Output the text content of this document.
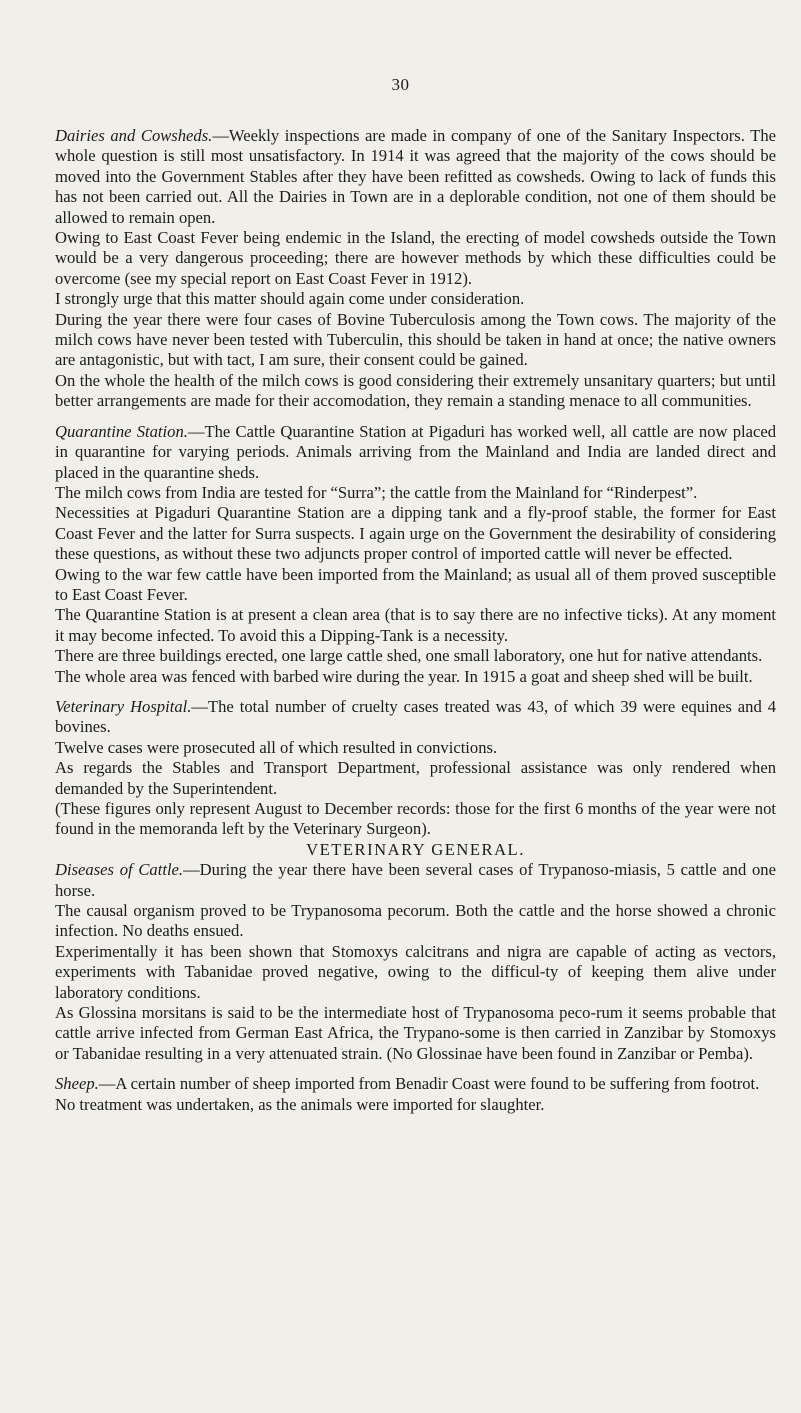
30

Dairies and Cowsheds.—Weekly inspections are made in company of one of the Sanitary Inspectors. The whole question is still most unsatisfactory. In 1914 it was agreed that the majority of the cows should be moved into the Government Stables after they have been refitted as cowsheds. Owing to lack of funds this has not been carried out. All the Dairies in Town are in a deplorable condition, not one of them should be allowed to remain open.

Owing to East Coast Fever being endemic in the Island, the erecting of model cowsheds outside the Town would be a very dangerous proceeding; there are however methods by which these difficulties could be overcome (see my special report on East Coast Fever in 1912).

I strongly urge that this matter should again come under consideration.

During the year there were four cases of Bovine Tuberculosis among the Town cows. The majority of the milch cows have never been tested with Tuberculin, this should be taken in hand at once; the native owners are antagonistic, but with tact, I am sure, their consent could be gained.

On the whole the health of the milch cows is good considering their extremely unsanitary quarters; but until better arrangements are made for their accomodation, they remain a standing menace to all communities.

Quarantine Station.—The Cattle Quarantine Station at Pigaduri has worked well, all cattle are now placed in quarantine for varying periods. Animals arriving from the Mainland and India are landed direct and placed in the quarantine sheds.

The milch cows from India are tested for “Surra”; the cattle from the Mainland for “Rinderpest”.

Necessities at Pigaduri Quarantine Station are a dipping tank and a fly-proof stable, the former for East Coast Fever and the latter for Surra suspects. I again urge on the Government the desirability of considering these questions, as without these two adjuncts proper control of imported cattle will never be effected.

Owing to the war few cattle have been imported from the Mainland; as usual all of them proved susceptible to East Coast Fever.

The Quarantine Station is at present a clean area (that is to say there are no infective ticks). At any moment it may become infected. To avoid this a Dipping-Tank is a necessity.

There are three buildings erected, one large cattle shed, one small laboratory, one hut for native attendants.

The whole area was fenced with barbed wire during the year. In 1915 a goat and sheep shed will be built.

Veterinary Hospital.—The total number of cruelty cases treated was 43, of which 39 were equines and 4 bovines.

Twelve cases were prosecuted all of which resulted in convictions.

As regards the Stables and Transport Department, professional assistance was only rendered when demanded by the Superintendent.

(These figures only represent August to December records: those for the first 6 months of the year were not found in the memoranda left by the Veterinary Surgeon).

VETERINARY GENERAL.

Diseases of Cattle.—During the year there have been several cases of Trypanoso-miasis, 5 cattle and one horse.

The causal organism proved to be Trypanosoma pecorum. Both the cattle and the horse showed a chronic infection. No deaths ensued.

Experimentally it has been shown that Stomoxys calcitrans and nigra are capable of acting as vectors, experiments with Tabanidae proved negative, owing to the difficul-ty of keeping them alive under laboratory conditions.

As Glossina morsitans is said to be the intermediate host of Trypanosoma peco-rum it seems probable that cattle arrive infected from German East Africa, the Trypano-some is then carried in Zanzibar by Stomoxys or Tabanidae resulting in a very attenuated strain. (No Glossinae have been found in Zanzibar or Pemba).

Sheep.—A certain number of sheep imported from Benadir Coast were found to be suffering from footrot.

No treatment was undertaken, as the animals were imported for slaughter.
